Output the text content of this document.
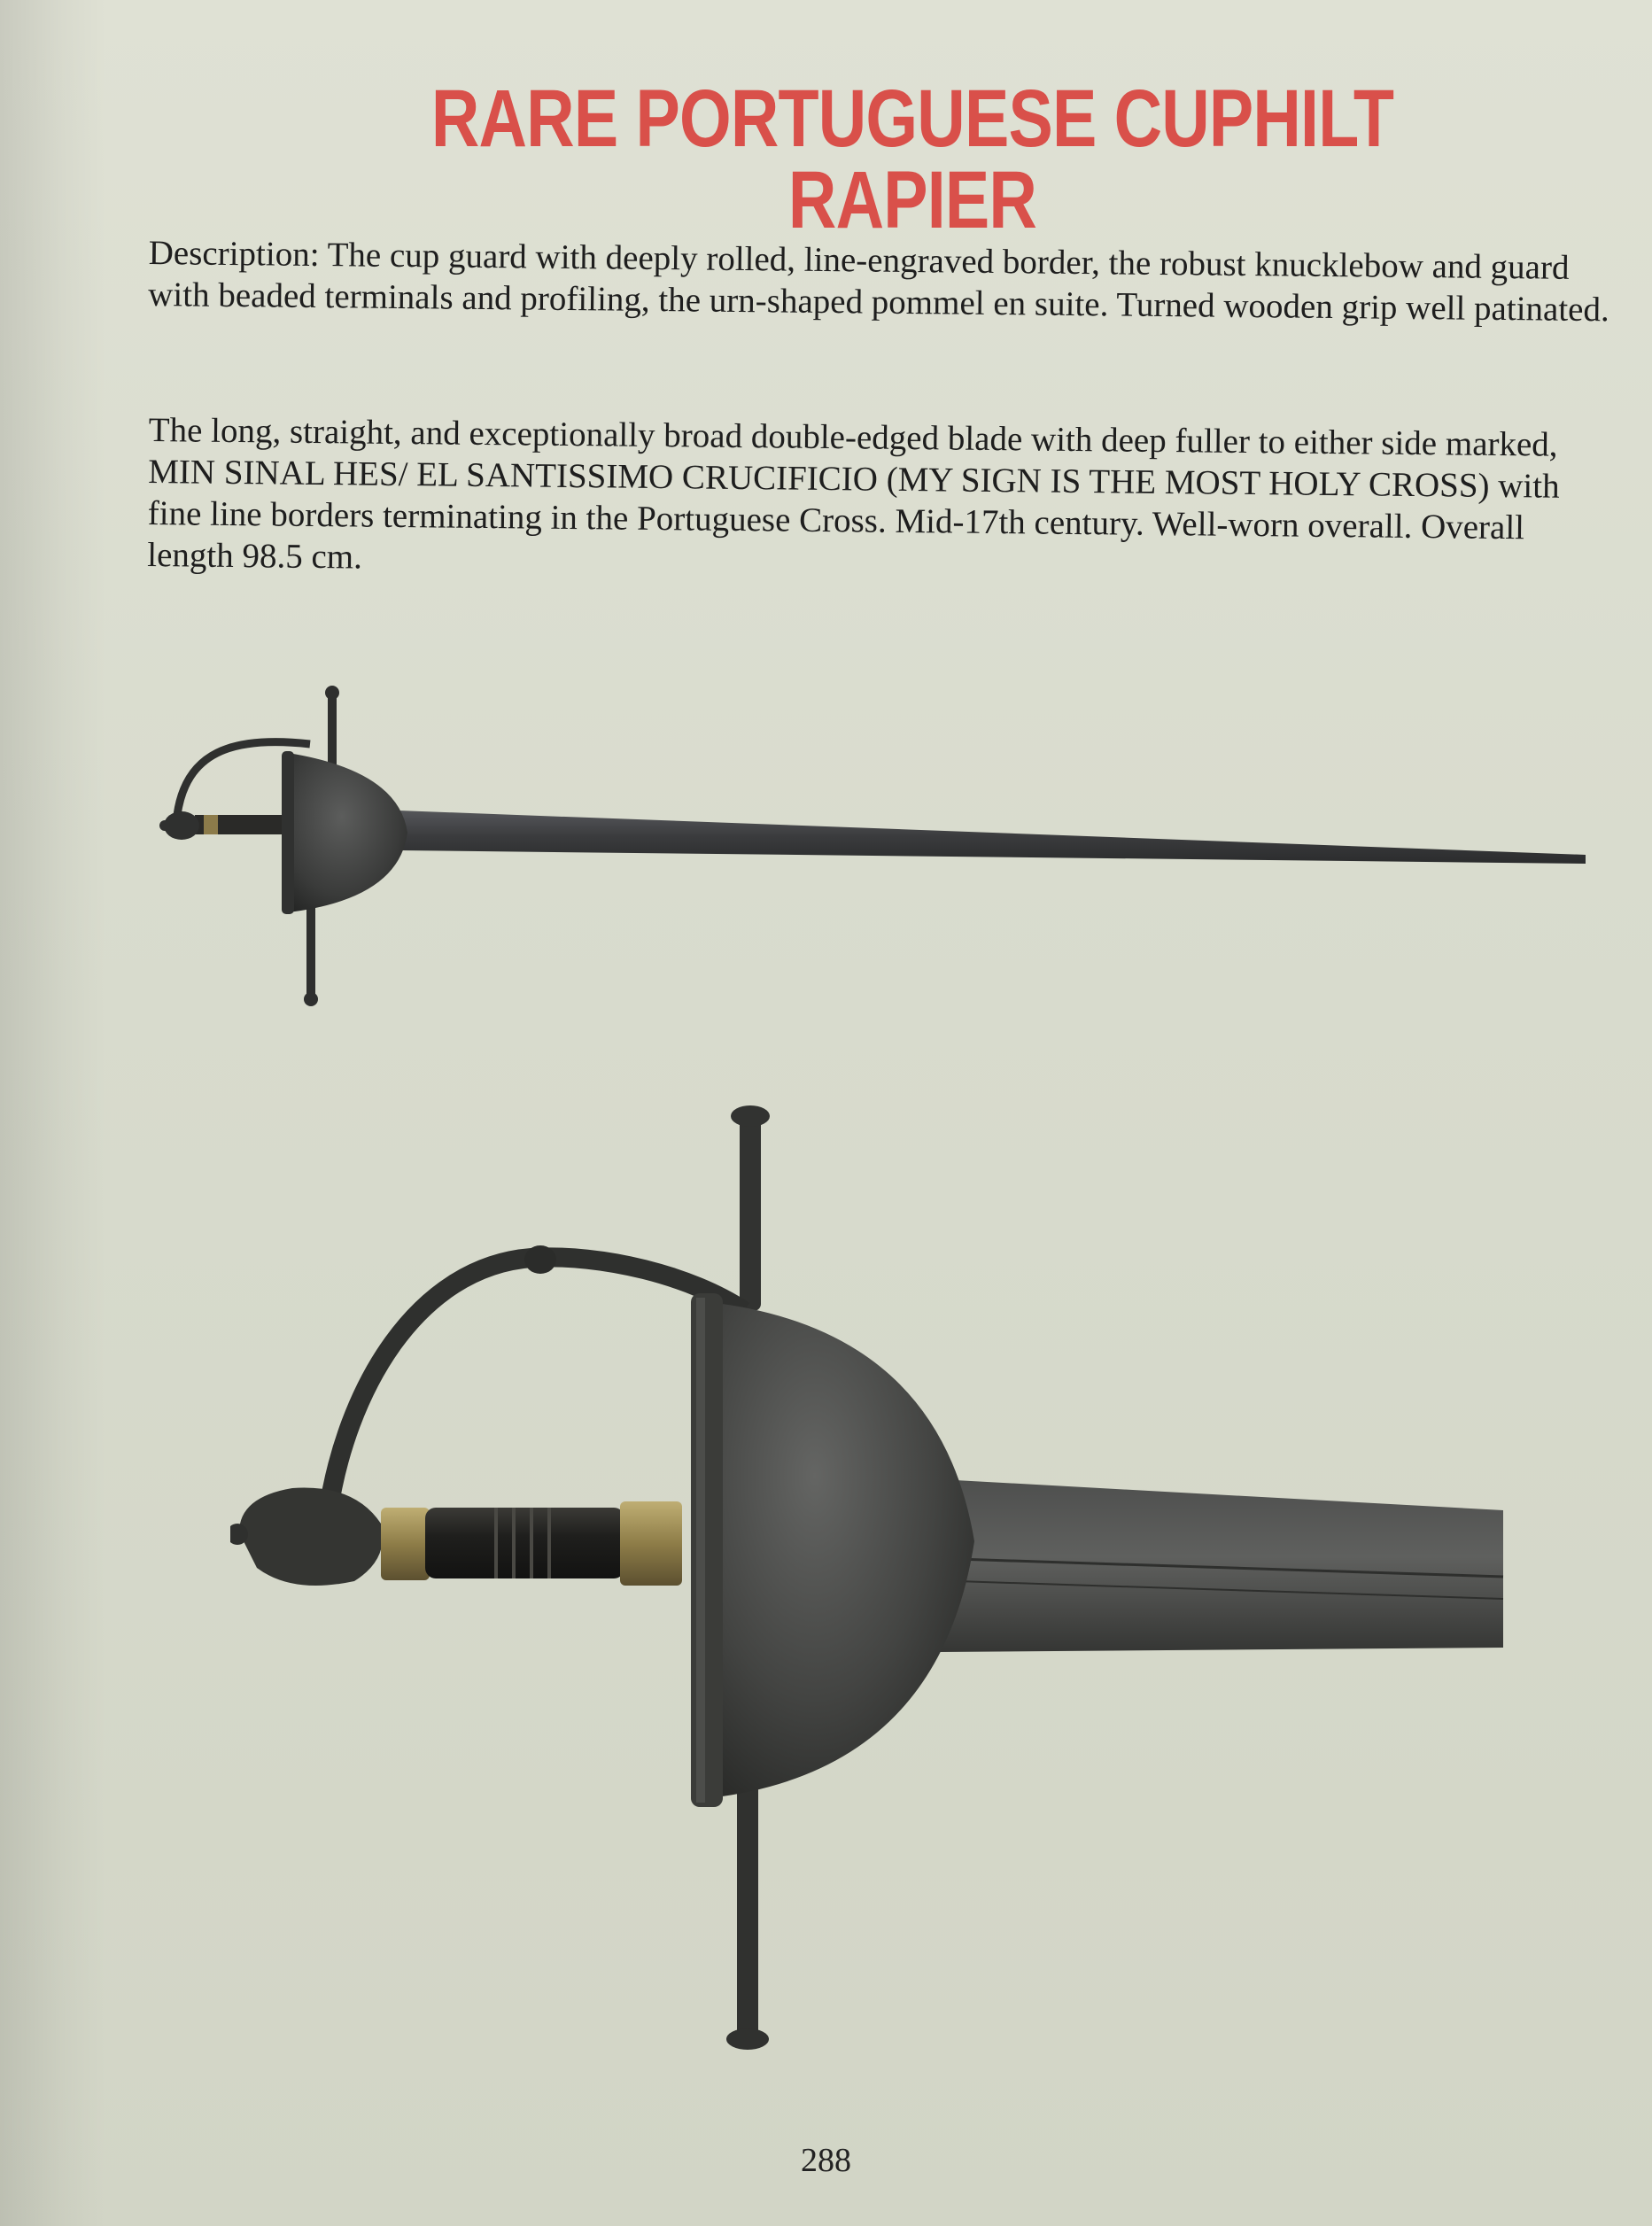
RARE PORTUGUESE CUPHILT RAPIER

Description: The cup guard with deeply rolled, line-engraved border, the robust knucklebow and guard with beaded terminals and profiling, the urn-shaped pommel en suite. Turned wooden grip well patinated.

The long, straight, and exceptionally broad double-edged blade with deep fuller to either side marked, MIN SINAL HES/ EL SANTISSIMO CRUCIFICIO (MY SIGN IS THE MOST HOLY CROSS) with fine line borders terminating in the Portuguese Cross. Mid-17th century. Well-worn overall. Overall length 98.5 cm.

288
